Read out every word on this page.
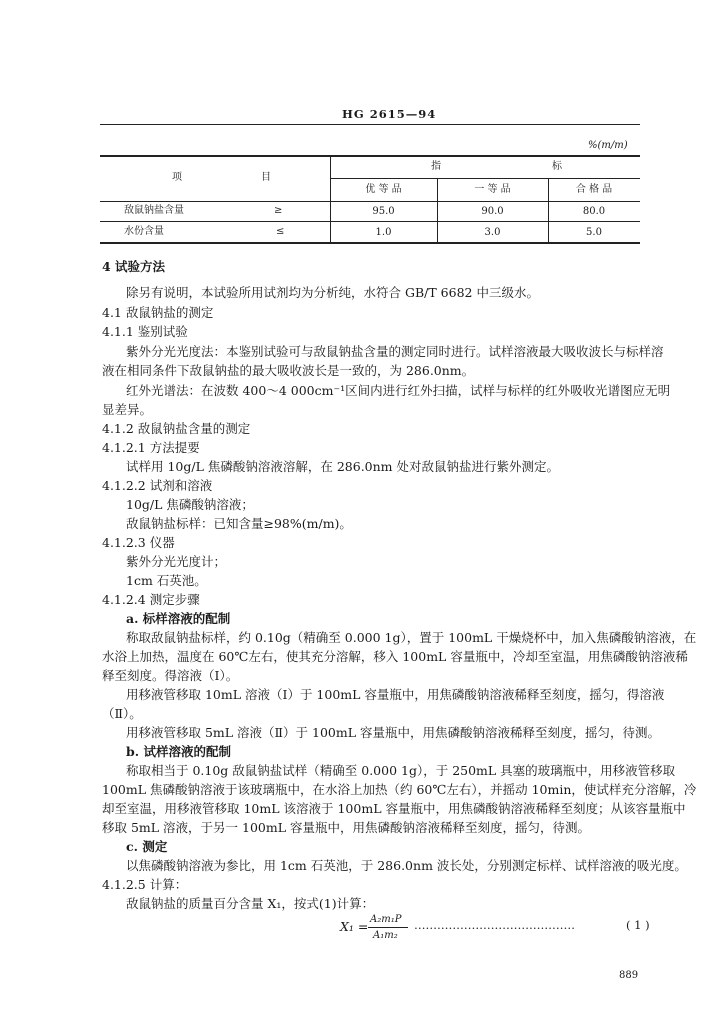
HG 2615—94
%(m/m)
项	目
指	标
优 等 品	一 等 品	合 格 品
敌鼠钠盐含量	≥	95.0	90.0	80.0
水份含量	≤	1.0	3.0	5.0
4 试验方法
除另有说明，本试验所用试剂均为分析纯，水符合 GB/T 6682 中三级水。
4.1 敌鼠钠盐的测定
4.1.1 鉴别试验
紫外分光光度法：本鉴别试验可与敌鼠钠盐含量的测定同时进行。试样溶液最大吸收波长与标样溶
液在相同条件下敌鼠钠盐的最大吸收波长是一致的，为 286.0nm。
红外光谱法：在波数 400～4 000cm⁻¹区间内进行红外扫描，试样与标样的红外吸收光谱图应无明
显差异。
4.1.2 敌鼠钠盐含量的测定
4.1.2.1 方法提要
试样用 10g/L 焦磷酸钠溶液溶解，在 286.0nm 处对敌鼠钠盐进行紫外测定。
4.1.2.2 试剂和溶液
10g/L 焦磷酸钠溶液；
敌鼠钠盐标样：已知含量≥98%(m/m)。
4.1.2.3 仪器
紫外分光光度计；
1cm 石英池。
4.1.2.4 测定步骤
a. 标样溶液的配制
称取敌鼠钠盐标样，约 0.10g（精确至 0.000 1g），置于 100mL 干燥烧杯中，加入焦磷酸钠溶液，在
水浴上加热，温度在 60℃左右，使其充分溶解，移入 100mL 容量瓶中，冷却至室温，用焦磷酸钠溶液稀
释至刻度。得溶液（Ⅰ）。
用移液管移取 10mL 溶液（Ⅰ）于 100mL 容量瓶中，用焦磷酸钠溶液稀释至刻度，摇匀，得溶液
（Ⅱ）。
用移液管移取 5mL 溶液（Ⅱ）于 100mL 容量瓶中，用焦磷酸钠溶液稀释至刻度，摇匀，待测。
b. 试样溶液的配制
称取相当于 0.10g 敌鼠钠盐试样（精确至 0.000 1g），于 250mL 具塞的玻璃瓶中，用移液管移取
100mL 焦磷酸钠溶液于该玻璃瓶中，在水浴上加热（约 60℃左右），并摇动 10min，使试样充分溶解，冷
却至室温，用移液管移取 10mL 该溶液于 100mL 容量瓶中，用焦磷酸钠溶液稀释至刻度；从该容量瓶中
移取 5mL 溶液，于另一 100mL 容量瓶中，用焦磷酸钠溶液稀释至刻度，摇匀，待测。
c. 测定
以焦磷酸钠溶液为参比，用 1cm 石英池，于 286.0nm 波长处，分别测定标样、试样溶液的吸光度。
4.1.2.5 计算：
敌鼠钠盐的质量百分含量 X₁，按式(1)计算：
X₁ = A₂m₁P
A₁m₂
……………………………………	( 1 )
889
